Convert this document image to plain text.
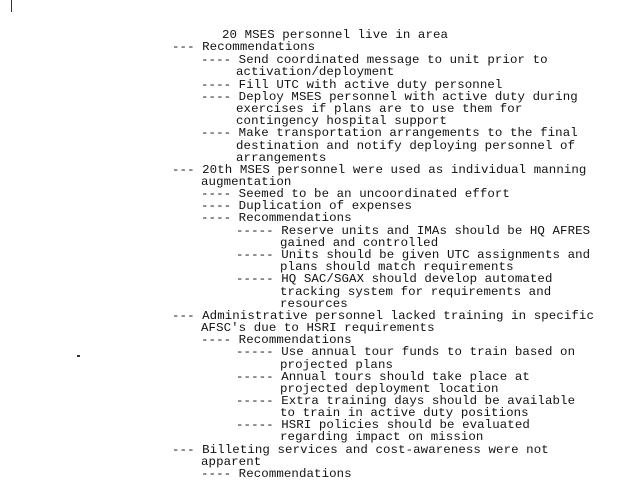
20 MSES personnel live in area
--- Recommendations
---- Send coordinated message to unit prior to
activation/deployment
---- Fill UTC with active duty personnel
---- Deploy MSES personnel with active duty during
exercises if plans are to use them for
contingency hospital support
---- Make transportation arrangements to the final
destination and notify deploying personnel of
arrangements
--- 20th MSES personnel were used as individual manning
augmentation
---- Seemed to be an uncoordinated effort
---- Duplication of expenses
---- Recommendations
----- Reserve units and IMAs should be HQ AFRES
gained and controlled
----- Units should be given UTC assignments and
plans should match requirements
----- HQ SAC/SGAX should develop automated
tracking system for requirements and
resources
--- Administrative personnel lacked training in specific
AFSC's due to HSRI requirements
---- Recommendations
----- Use annual tour funds to train based on
projected plans
----- Annual tours should take place at
projected deployment location
----- Extra training days should be available
to train in active duty positions
----- HSRI policies should be evaluated
regarding impact on mission
--- Billeting services and cost-awareness were not
apparent
---- Recommendations
